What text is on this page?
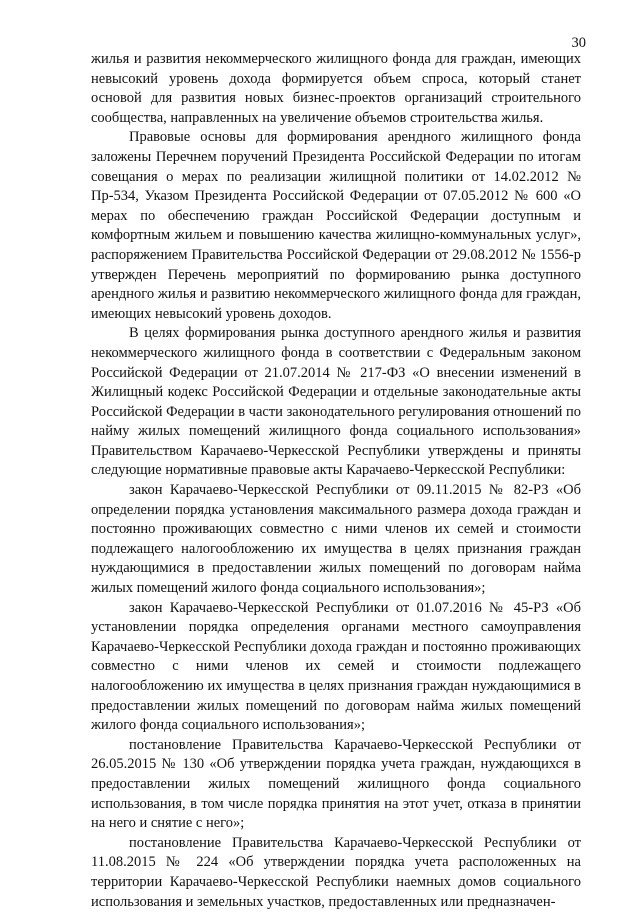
30

жилья и развития некоммерческого жилищного фонда для граждан, имеющих невысокий уровень дохода формируется объем спроса, который станет основой для развития новых бизнес-проектов организаций строительного сообщества, направленных на увеличение объемов строительства жилья.

Правовые основы для формирования арендного жилищного фонда заложены Перечнем поручений Президента Российской Федерации по итогам совещания о мерах по реализации жилищной политики от 14.02.2012 № Пр-534, Указом Президента Российской Федерации от 07.05.2012 № 600 «О мерах по обеспечению граждан Российской Федерации доступным и комфортным жильем и повышению качества жилищно-коммунальных услуг», распоряжением Правительства Российской Федерации от 29.08.2012 № 1556-р утвержден Перечень мероприятий по формированию рынка доступного арендного жилья и развитию некоммерческого жилищного фонда для граждан, имеющих невысокий уровень доходов.

В целях формирования рынка доступного арендного жилья и развития некоммерческого жилищного фонда в соответствии с Федеральным законом Российской Федерации от 21.07.2014 № 217-ФЗ «О внесении изменений в Жилищный кодекс Российской Федерации и отдельные законодательные акты Российской Федерации в части законодательного регулирования отношений по найму жилых помещений жилищного фонда социального использования» Правительством Карачаево-Черкесской Республики утверждены и приняты следующие нормативные правовые акты Карачаево-Черкесской Республики:

закон Карачаево-Черкесской Республики от 09.11.2015 № 82-РЗ «Об определении порядка установления максимального размера дохода граждан и постоянно проживающих совместно с ними членов их семей и стоимости подлежащего налогообложению их имущества в целях признания граждан нуждающимися в предоставлении жилых помещений по договорам найма жилых помещений жилого фонда социального использования»;

закон Карачаево-Черкесской Республики от 01.07.2016 № 45-РЗ «Об установлении порядка определения органами местного самоуправления Карачаево-Черкесской Республики дохода граждан и постоянно проживающих совместно с ними членов их семей и стоимости подлежащего налогообложению их имущества в целях признания граждан нуждающимися в предоставлении жилых помещений по договорам найма жилых помещений жилого фонда социального использования»;

постановление Правительства Карачаево-Черкесской Республики от 26.05.2015 № 130 «Об утверждении порядка учета граждан, нуждающихся в предоставлении жилых помещений жилищного фонда социального использования, в том числе порядка принятия на этот учет, отказа в принятии на него и снятие с него»;

постановление Правительства Карачаево-Черкесской Республики от 11.08.2015 № 224 «Об утверждении порядка учета расположенных на территории Карачаево-Черкесской Республики наемных домов социального использования и земельных участков, предоставленных или предназначен-
